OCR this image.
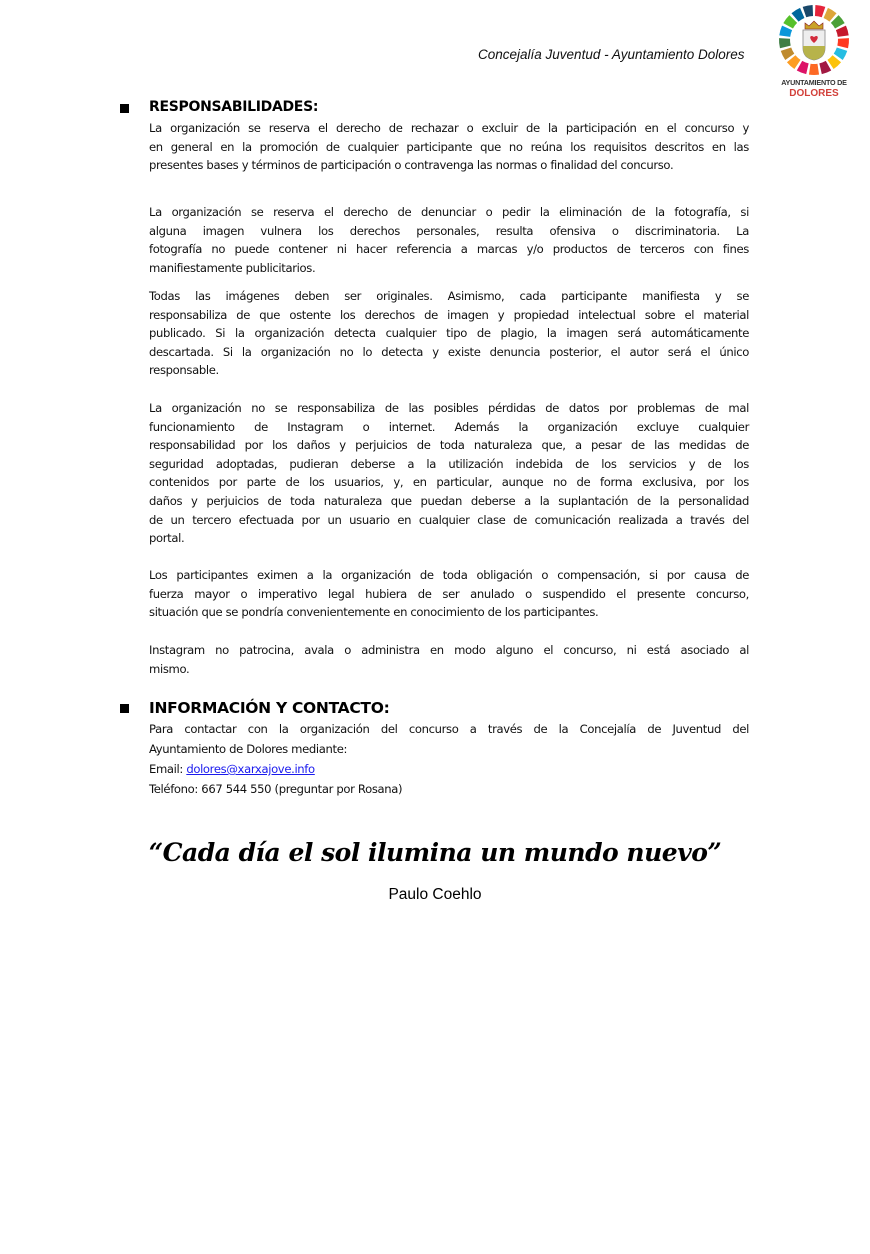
Concejalía Juventud - Ayuntamiento Dolores
AYUNTAMIENTO DE
DOLORES
RESPONSABILIDADES:
La organización se reserva el derecho de rechazar o excluir de la participación en el concurso y
en general en la promoción de cualquier participante que no reúna los requisitos descritos en las
presentes bases y términos de participación o contravenga las normas o finalidad del concurso.
La organización se reserva el derecho de denunciar o pedir la eliminación de la fotografía, si
alguna imagen vulnera los derechos personales, resulta ofensiva o discriminatoria. La
fotografía no puede contener ni hacer referencia a marcas y/o productos de terceros con fines
manifiestamente publicitarios.
Todas las imágenes deben ser originales. Asimismo, cada participante manifiesta y se
responsabiliza de que ostente los derechos de imagen y propiedad intelectual sobre el material
publicado. Si la organización detecta cualquier tipo de plagio, la imagen será automáticamente
descartada. Si la organización no lo detecta y existe denuncia posterior, el autor será el único
responsable.
La organización no se responsabiliza de las posibles pérdidas de datos por problemas de mal
funcionamiento de Instagram o internet. Además la organización excluye cualquier
responsabilidad por los daños y perjuicios de toda naturaleza que, a pesar de las medidas de
seguridad adoptadas, pudieran deberse a la utilización indebida de los servicios y de los
contenidos por parte de los usuarios, y, en particular, aunque no de forma exclusiva, por los
daños y perjuicios de toda naturaleza que puedan deberse a la suplantación de la personalidad
de un tercero efectuada por un usuario en cualquier clase de comunicación realizada a través del
portal.
Los participantes eximen a la organización de toda obligación o compensación, si por causa de
fuerza mayor o imperativo legal hubiera de ser anulado o suspendido el presente concurso,
situación que se pondría convenientemente en conocimiento de los participantes.
Instagram no patrocina, avala o administra en modo alguno el concurso, ni está asociado al
mismo.
INFORMACIÓN Y CONTACTO:
Para contactar con la organización del concurso a través de la Concejalía de Juventud del
Ayuntamiento de Dolores mediante:
Email: dolores@xarxajove.info
Teléfono: 667 544 550 (preguntar por Rosana)
“Cada día el sol ilumina un mundo nuevo”
Paulo Coehlo
